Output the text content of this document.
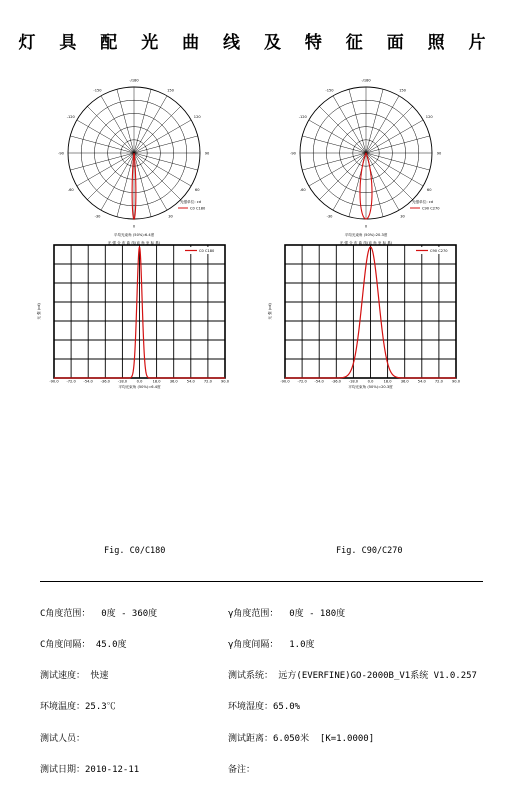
灯 具 配 光 曲 线 及 特 征 面 照 片
-/180
-150	150
-120	120
-90	90
-60	60
-30	30
0
光强单位: cd
C0 C180
平均光束角 (50%):6.4度
光 强 分 布 曲 线(直 角 坐 标 系)
-/180
-150	150
-120	120
-90	90
-60	60
-30	30
0
光强单位: cd
C90 C270
平均光束角 (50%):20.3度
光 强 分 布 曲 线(直 角 坐 标 系)
-90.0 -72.0 -54.0 -36.0 -18.0	0.0	18.0	36.0	54.0	72.0	90.0
C0 C180
光 强 (cd)
平均光束角 (50%)=6.4度
-90.0 -72.0 -54.0 -36.0 -18.0	0.0	18.0	36.0	54.0	72.0	90.0
C90 C270
光 强 (cd)
平均光束角 (50%)=20.3度
Fig. C0/C180	Fig. C90/C270

C角度范围：  0度 - 360度

C角度间隔： 45.0度

测试速度： 快速

环境温度：25.3℃

测试人员：

测试日期：2010-12-11

γ角度范围：  0度 - 180度

γ角度间隔：  1.0度

测试系统： 远方(EVERFINE)GO-2000B_V1系统 V1.0.257

环境湿度：65.0%

测试距离：6.050米  [K=1.0000]

备注：
